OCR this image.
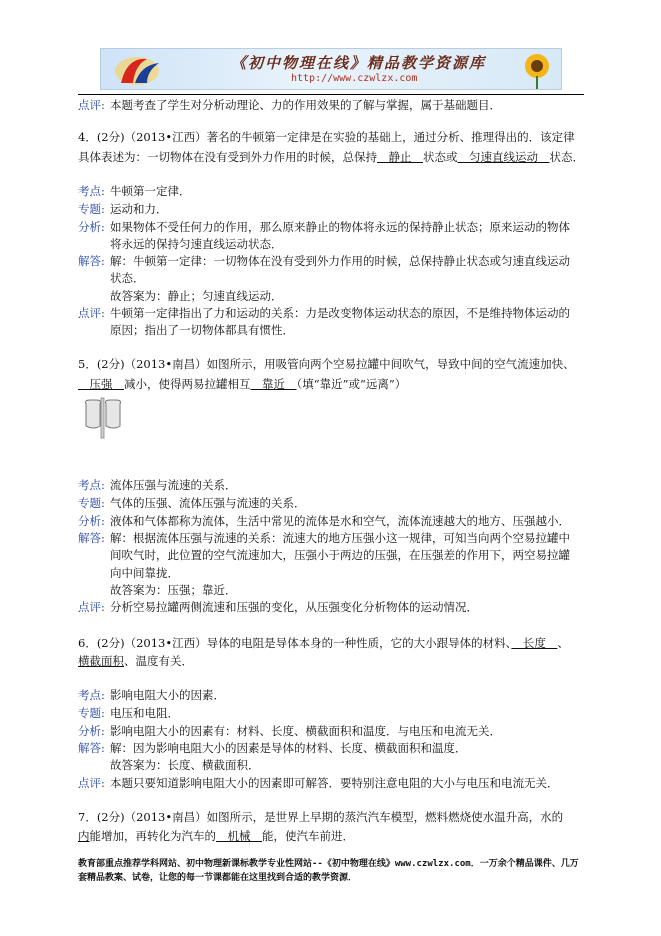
《初中物理在线》精品教学资源库
http://www.czwlzx.com
点评: 本题考查了学生对分析动理论、力的作用效果的了解与掌握，属于基础题目．
4．(2分)（2013•江西）著名的牛顿第一定律是在实验的基础上，通过分析、推理得出的．该定律
具体表述为：一切物体在没有受到外力作用的时候，总保持　静止　状态或　匀速直线运动　状态．
考点: 牛顿第一定律．
专题: 运动和力．
分析: 如果物体不受任何力的作用，那么原来静止的物体将永远的保持静止状态；原来运动的物体
将永远的保持匀速直线运动状态．
解答: 解：牛顿第一定律：一切物体在没有受到外力作用的时候，总保持静止状态或匀速直线运动
状态．
故答案为：静止；匀速直线运动．
点评: 牛顿第一定律指出了力和运动的关系：力是改变物体运动状态的原因，不是维持物体运动的
原因；指出了一切物体都具有惯性．
5．(2分)（2013•南昌）如图所示，用吸管向两个空易拉罐中间吹气，导致中间的空气流速加快、
　压强　减小，使得两易拉罐相互　靠近　（填“靠近”或“远离”）
考点: 流体压强与流速的关系．
专题: 气体的压强、流体压强与流速的关系．
分析: 液体和气体都称为流体，生活中常见的流体是水和空气，流体流速越大的地方、压强越小．
解答: 解：根据流体压强与流速的关系：流速大的地方压强小这一规律，可知当向两个空易拉罐中
间吹气时，此位置的空气流速加大，压强小于两边的压强，在压强差的作用下，两空易拉罐
向中间靠拢．
故答案为：压强；靠近．
点评: 分析空易拉罐两侧流速和压强的变化，从压强变化分析物体的运动情况．
6．(2分)（2013•江西）导体的电阻是导体本身的一种性质，它的大小跟导体的材料、　长度　、
横截面积、温度有关．
考点: 影响电阻大小的因素．
专题: 电压和电阻．
分析: 影响电阻大小的因素有：材料、长度、横截面积和温度．与电压和电流无关．
解答: 解：因为影响电阻大小的因素是导体的材料、长度、横截面积和温度．
故答案为：长度、横截面积．
点评: 本题只要知道影响电阻大小的因素即可解答．要特别注意电阻的大小与电压和电流无关．
7．(2分)（2013•南昌）如图所示，是世界上早期的蒸汽汽车模型，燃料燃烧使水温升高，水的
内能增加，再转化为汽车的　机械　能，使汽车前进．
教育部重点推荐学科网站、初中物理新课标教学专业性网站--《初中物理在线》www.czwlzx.com．一万余个精品课件、几万套精品教案、试卷，让您的每一节课都能在这里找到合适的教学资源．
